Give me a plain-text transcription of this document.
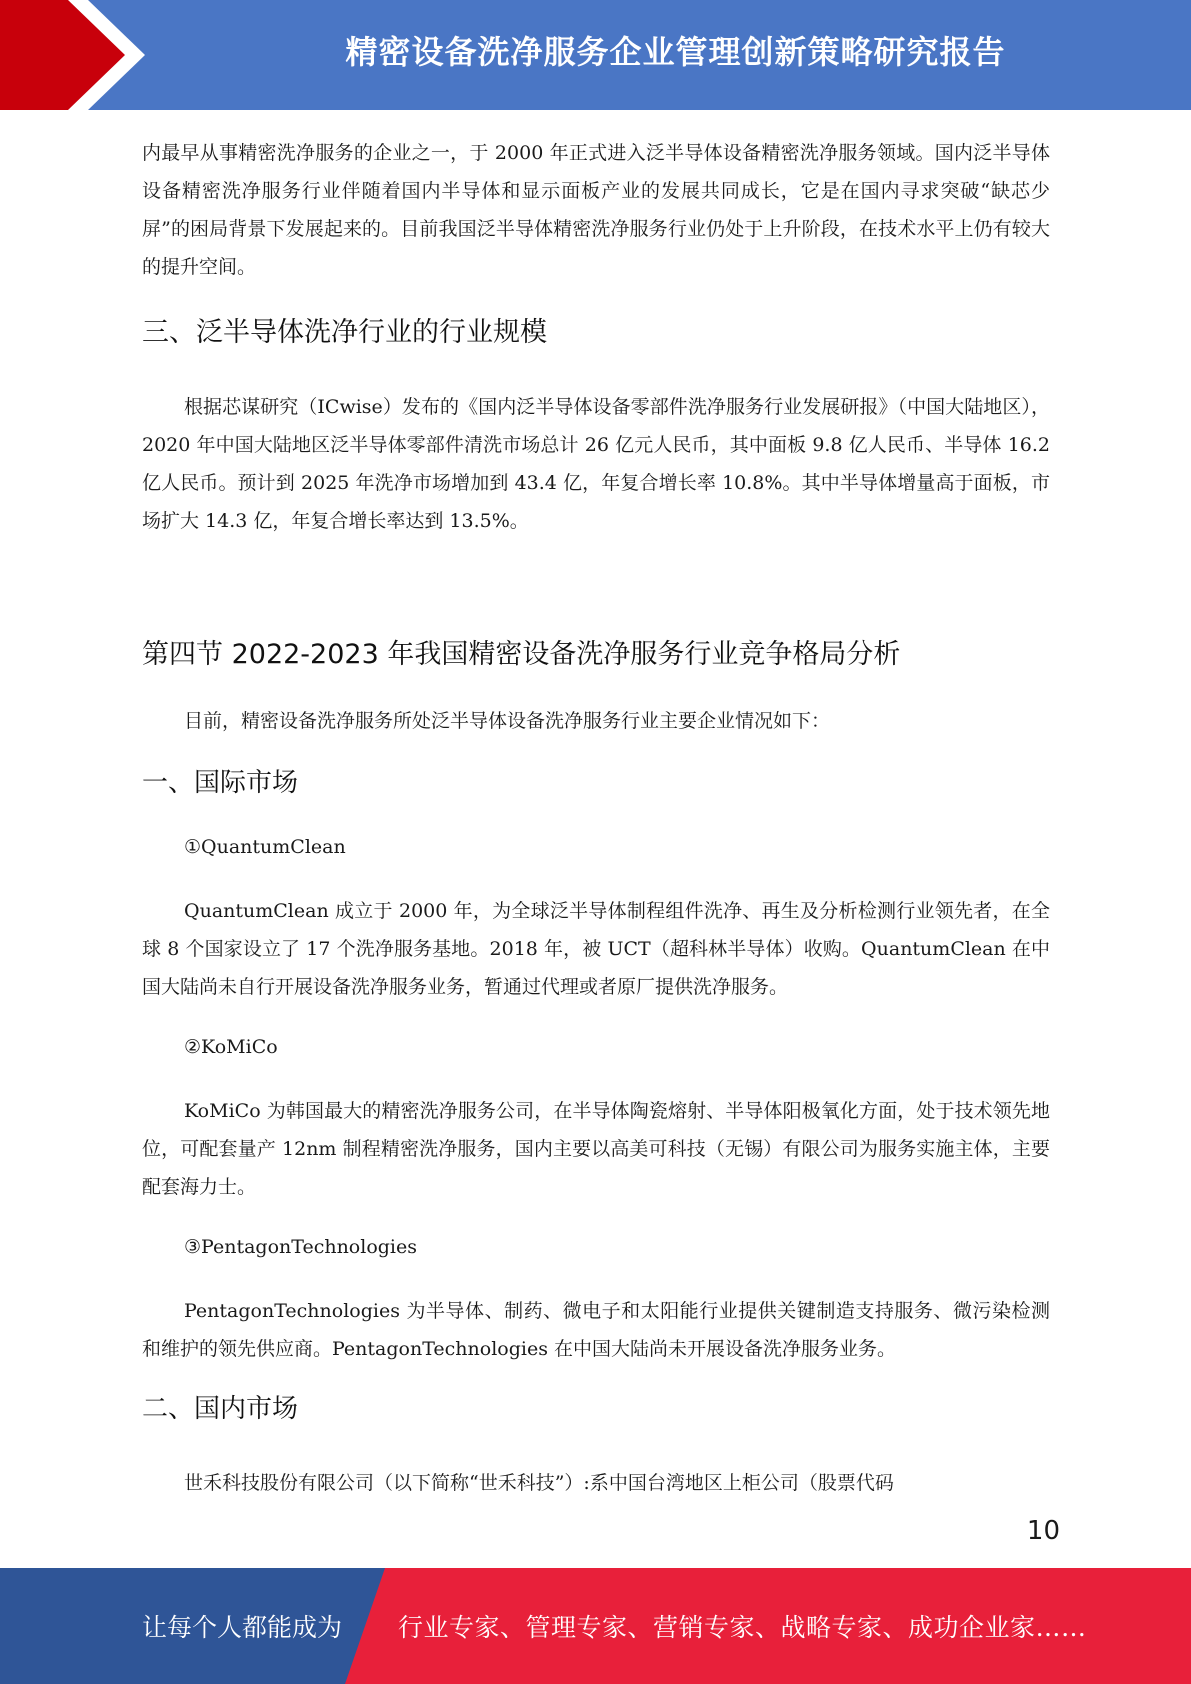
精密设备洗净服务企业管理创新策略研究报告

内最早从事精密洗净服务的企业之一，于 2000 年正式进入泛半导体设备精密洗净服务领域。国内泛半导体设备精密洗净服务行业伴随着国内半导体和显示面板产业的发展共同成长，它是在国内寻求突破“缺芯少屏”的困局背景下发展起来的。目前我国泛半导体精密洗净服务行业仍处于上升阶段，在技术水平上仍有较大的提升空间。

三、泛半导体洗净行业的行业规模

根据芯谋研究（ICwise）发布的《国内泛半导体设备零部件洗净服务行业发展研报》（中国大陆地区），2020 年中国大陆地区泛半导体零部件清洗市场总计 26 亿元人民币，其中面板 9.8 亿人民币、半导体 16.2 亿人民币。预计到 2025 年洗净市场增加到 43.4 亿，年复合增长率 10.8%。其中半导体增量高于面板，市场扩大 14.3 亿，年复合增长率达到 13.5%。

第四节 2022-2023 年我国精密设备洗净服务行业竞争格局分析

目前，精密设备洗净服务所处泛半导体设备洗净服务行业主要企业情况如下：

一、国际市场

①QuantumClean

QuantumClean 成立于 2000 年，为全球泛半导体制程组件洗净、再生及分析检测行业领先者，在全球 8 个国家设立了 17 个洗净服务基地。2018 年，被 UCT（超科林半导体）收购。QuantumClean 在中国大陆尚未自行开展设备洗净服务业务，暂通过代理或者原厂提供洗净服务。

②KoMiCo

KoMiCo 为韩国最大的精密洗净服务公司，在半导体陶瓷熔射、半导体阳极氧化方面，处于技术领先地位，可配套量产 12nm 制程精密洗净服务，国内主要以高美可科技（无锡）有限公司为服务实施主体，主要配套海力士。

③PentagonTechnologies

PentagonTechnologies 为半导体、制药、微电子和太阳能行业提供关键制造支持服务、微污染检测和维护的领先供应商。PentagonTechnologies 在中国大陆尚未开展设备洗净服务业务。

二、国内市场

世禾科技股份有限公司（以下简称“世禾科技”）:系中国台湾地区上柜公司（股票代码

10
让每个人都能成为 行业专家、管理专家、营销专家、战略专家、成功企业家……
